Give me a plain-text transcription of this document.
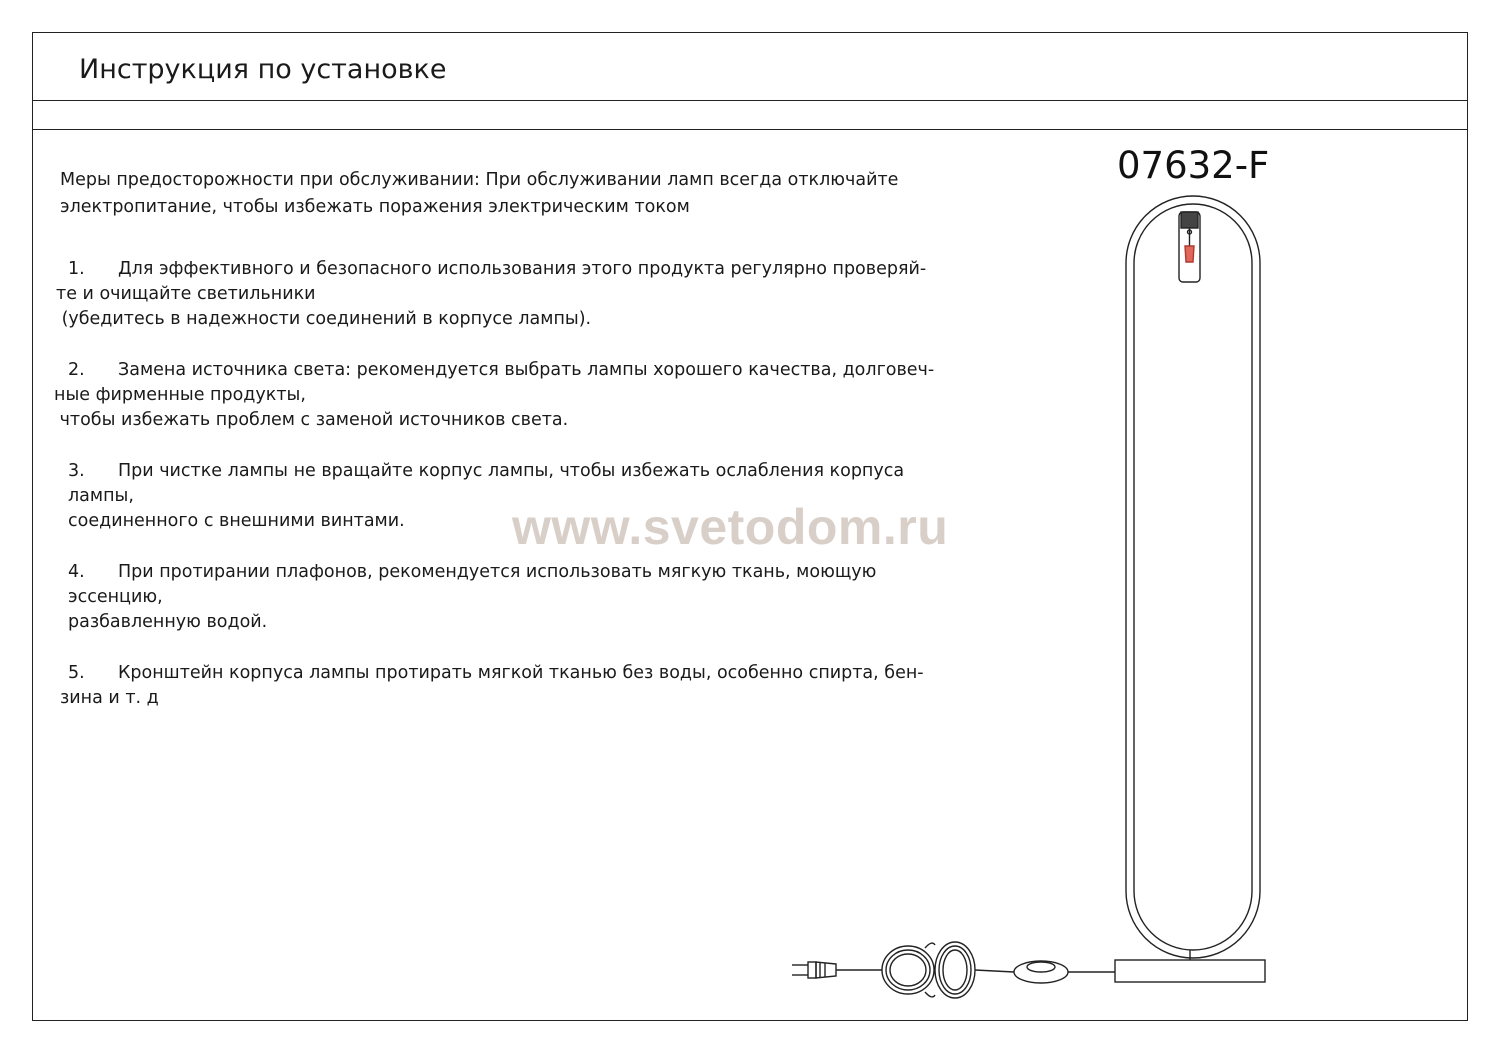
Инструкция по установке
07632-F
Меры предосторожности при обслуживании: При обслуживании ламп всегда отключайте
электропитание, чтобы избежать поражения электрическим током
1. Для эффективного и безопасного использования этого продукта регулярно проверяй-
те и очищайте светильники
(убедитесь в надежности соединений в корпусе лампы).
2. Замена источника света: рекомендуется выбрать лампы хорошего качества, долговеч-
ные фирменные продукты,
чтобы избежать проблем с заменой источников света.
3. При чистке лампы не вращайте корпус лампы, чтобы избежать ослабления корпуса
лампы,
соединенного с внешними винтами.
4. При протирании плафонов, рекомендуется использовать мягкую ткань, моющую
эссенцию,
разбавленную водой.
5. Кронштейн корпуса лампы протирать мягкой тканью без воды, особенно спирта, бен-
зина и т. д
www.svetodom.ru
